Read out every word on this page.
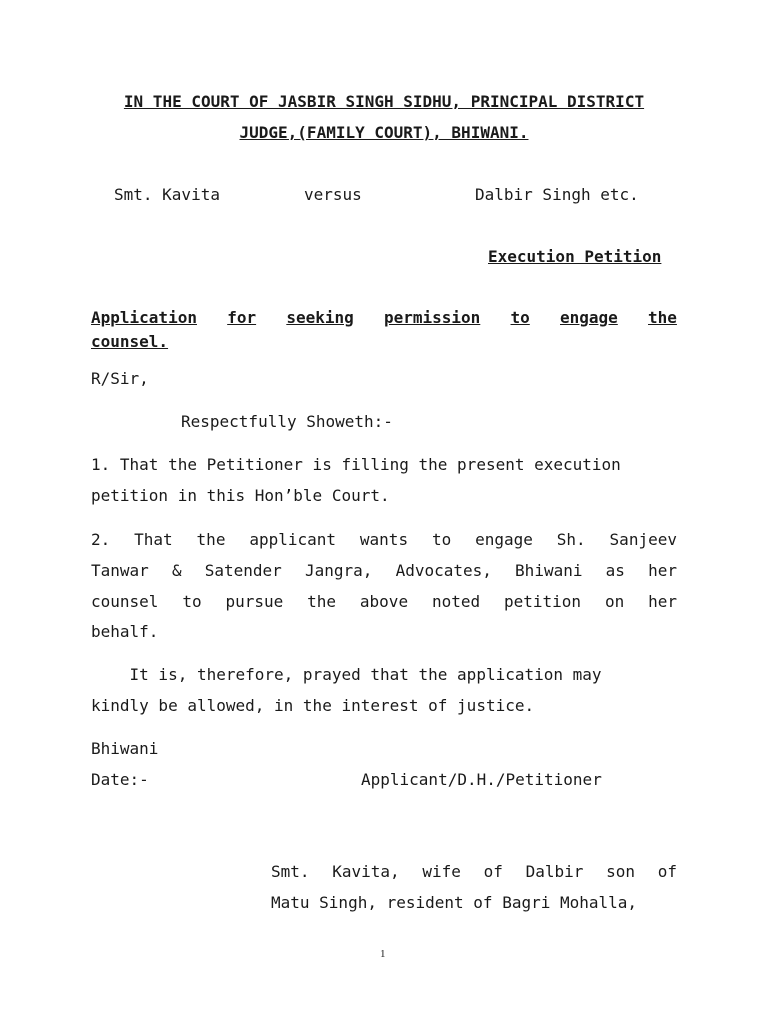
IN THE COURT OF JASBIR SINGH SIDHU, PRINCIPAL DISTRICT
JUDGE,(FAMILY COURT), BHIWANI.
Smt. Kavita	versus	Dalbir Singh etc.
Execution Petition
Application for seeking permission to engage the
counsel.
R/Sir,
Respectfully Showeth:-
1. That the Petitioner is filling the present execution
petition in this Hon’ble Court.
2. That the applicant wants to engage Sh. Sanjeev
Tanwar & Satender Jangra, Advocates, Bhiwani as her
counsel to pursue the above noted petition on her
behalf.
It is, therefore, prayed that the application may
kindly be allowed, in the interest of justice.
Bhiwani
Date:-	Applicant/D.H./Petitioner
Smt. Kavita, wife of Dalbir son of
Matu Singh, resident of Bagri Mohalla,
1
